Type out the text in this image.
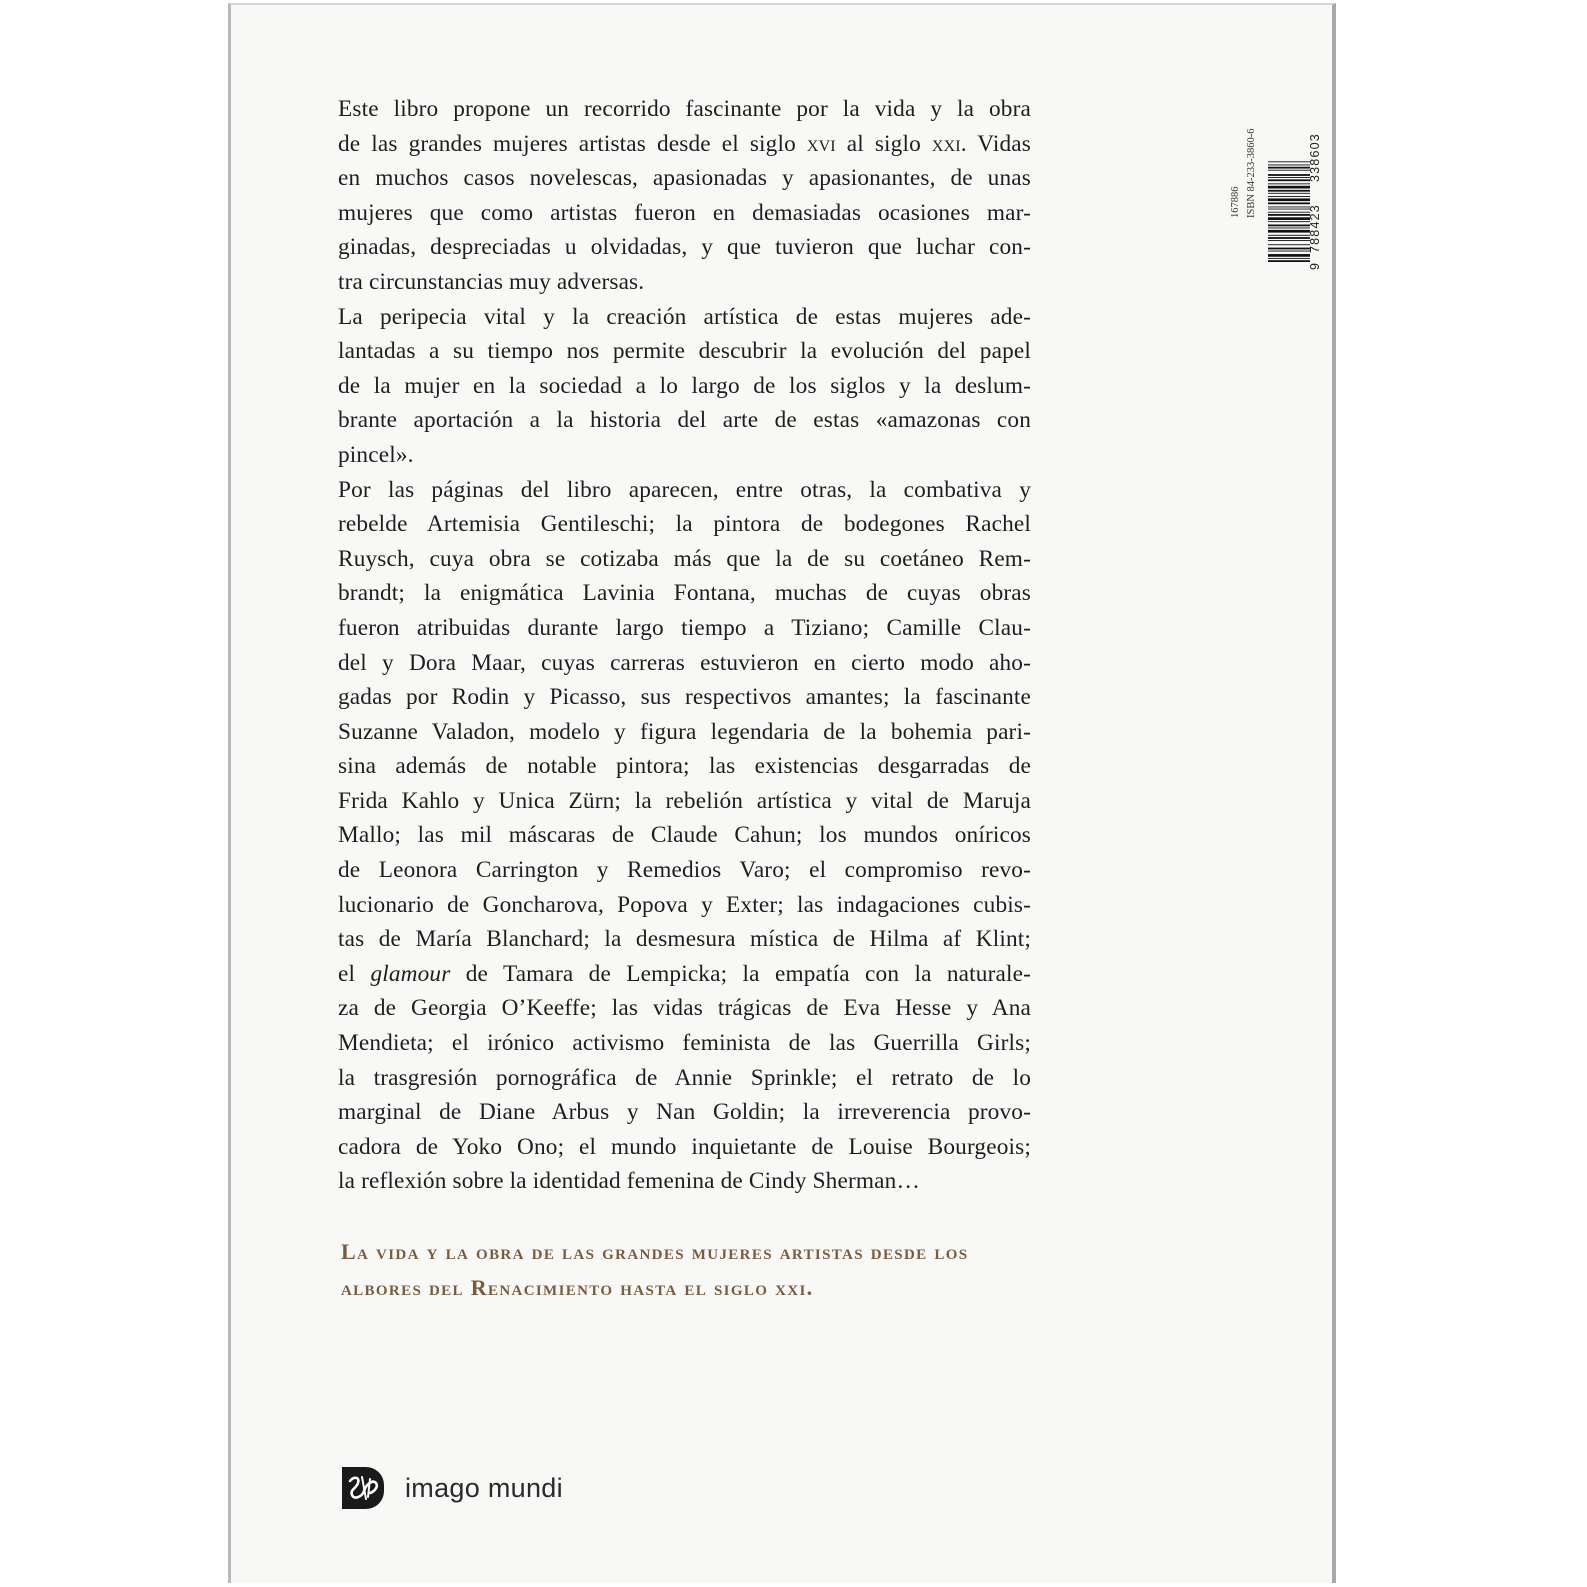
Este libro propone un recorrido fascinante por la vida y la obra
de las grandes mujeres artistas desde el siglo xvi al siglo xxi. Vidas
en muchos casos novelescas, apasionadas y apasionantes, de unas
mujeres que como artistas fueron en demasiadas ocasiones mar-
ginadas, despreciadas u olvidadas, y que tuvieron que luchar con-
tra circunstancias muy adversas.

La peripecia vital y la creación artística de estas mujeres ade-
lantadas a su tiempo nos permite descubrir la evolución del papel
de la mujer en la sociedad a lo largo de los siglos y la deslum-
brante aportación a la historia del arte de estas «amazonas con
pincel».

Por las páginas del libro aparecen, entre otras, la combativa y
rebelde Artemisia Gentileschi; la pintora de bodegones Rachel
Ruysch, cuya obra se cotizaba más que la de su coetáneo Rem-
brandt; la enigmática Lavinia Fontana, muchas de cuyas obras
fueron atribuidas durante largo tiempo a Tiziano; Camille Clau-
del y Dora Maar, cuyas carreras estuvieron en cierto modo aho-
gadas por Rodin y Picasso, sus respectivos amantes; la fascinante
Suzanne Valadon, modelo y figura legendaria de la bohemia pari-
sina además de notable pintora; las existencias desgarradas de
Frida Kahlo y Unica Zürn; la rebelión artística y vital de Maruja
Mallo; las mil máscaras de Claude Cahun; los mundos oníricos
de Leonora Carrington y Remedios Varo; el compromiso revo-
lucionario de Goncharova, Popova y Exter; las indagaciones cubis-
tas de María Blanchard; la desmesura mística de Hilma af Klint;
el glamour de Tamara de Lempicka; la empatía con la naturale-
za de Georgia O’Keeffe; las vidas trágicas de Eva Hesse y Ana
Mendieta; el irónico activismo feminista de las Guerrilla Girls;
la trasgresión pornográfica de Annie Sprinkle; el retrato de lo
marginal de Diane Arbus y Nan Goldin; la irreverencia provo-
cadora de Yoko Ono; el mundo inquietante de Louise Bourgeois;
la reflexión sobre la identidad femenina de Cindy Sherman…

La vida y la obra de las grandes mujeres artistas desde los
albores del Renacimiento hasta el siglo xxi.
167886 ISBN 84-233-3860-6
9
788423
338603
imago mundi
